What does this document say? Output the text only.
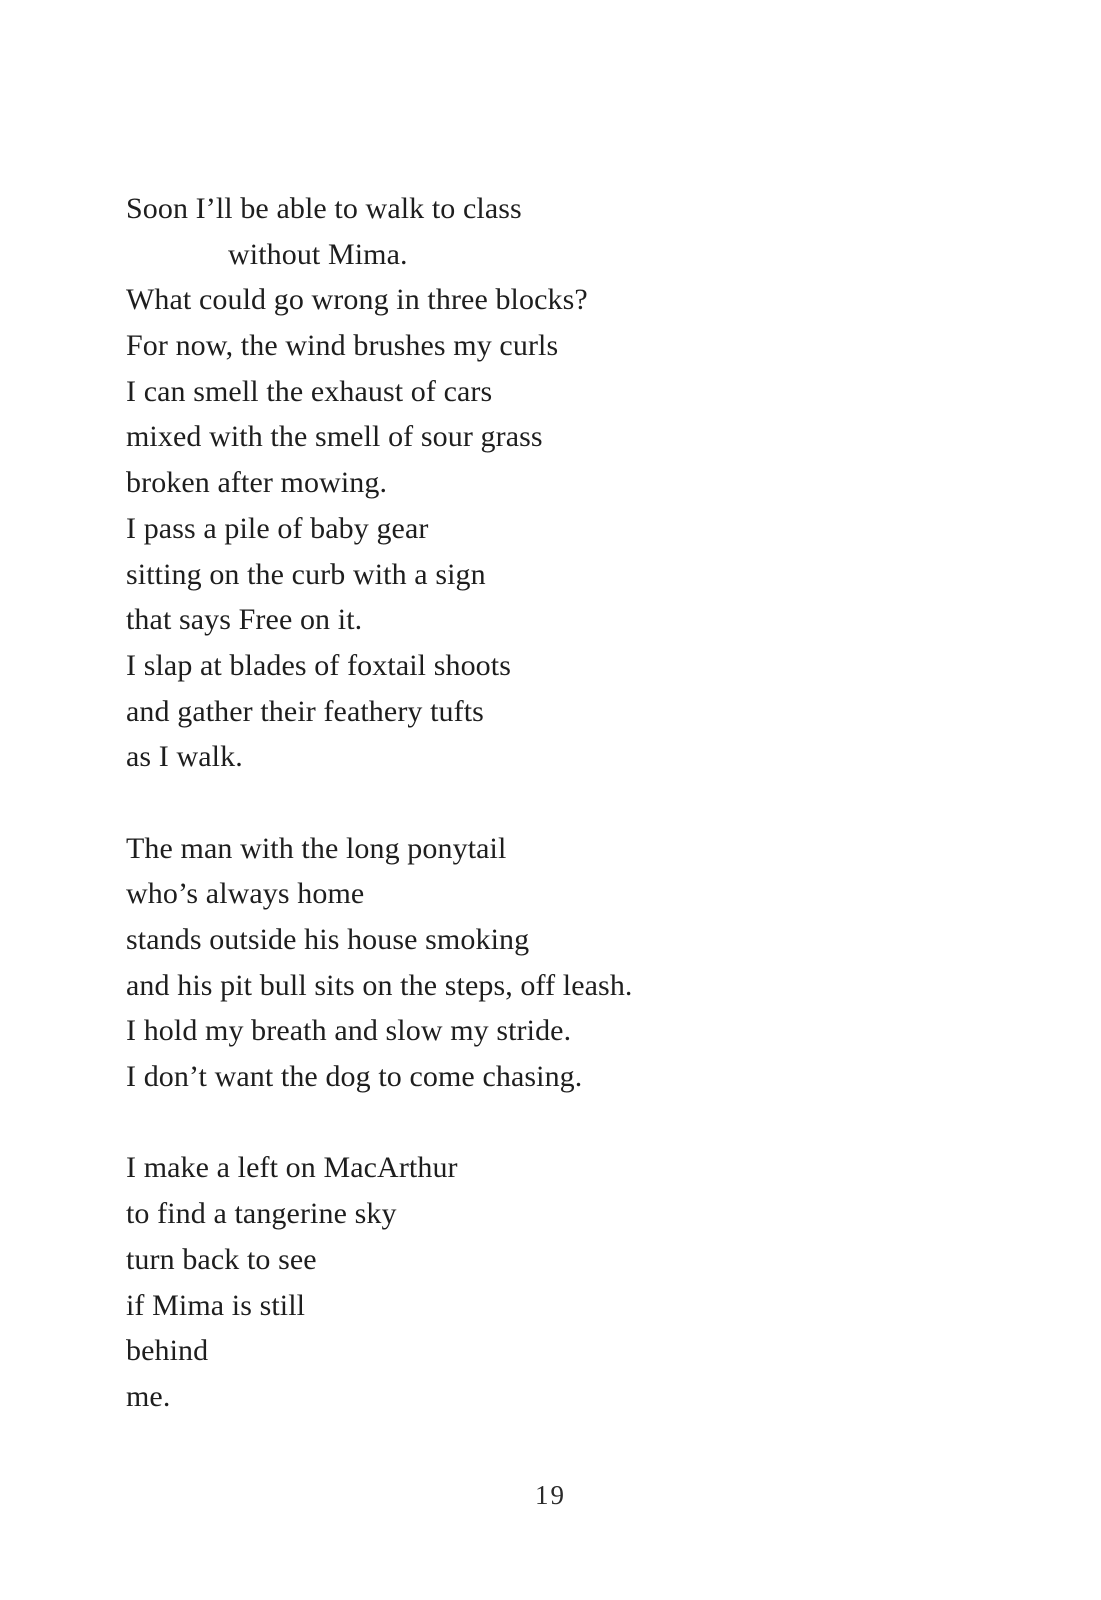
Soon I’ll be able to walk to class
without Mima.
What could go wrong in three blocks?
For now, the wind brushes my curls
I can smell the exhaust of cars
mixed with the smell of sour grass
broken after mowing.
I pass a pile of baby gear
sitting on the curb with a sign
that says Free on it.
I slap at blades of foxtail shoots
and gather their feathery tufts
as I walk.
The man with the long ponytail
who’s always home
stands outside his house smoking
and his pit bull sits on the steps, off leash.
I hold my breath and slow my stride.
I don’t want the dog to come chasing.
I make a left on MacArthur
to find a tangerine sky
turn back to see
if Mima is still
behind
me.
19
